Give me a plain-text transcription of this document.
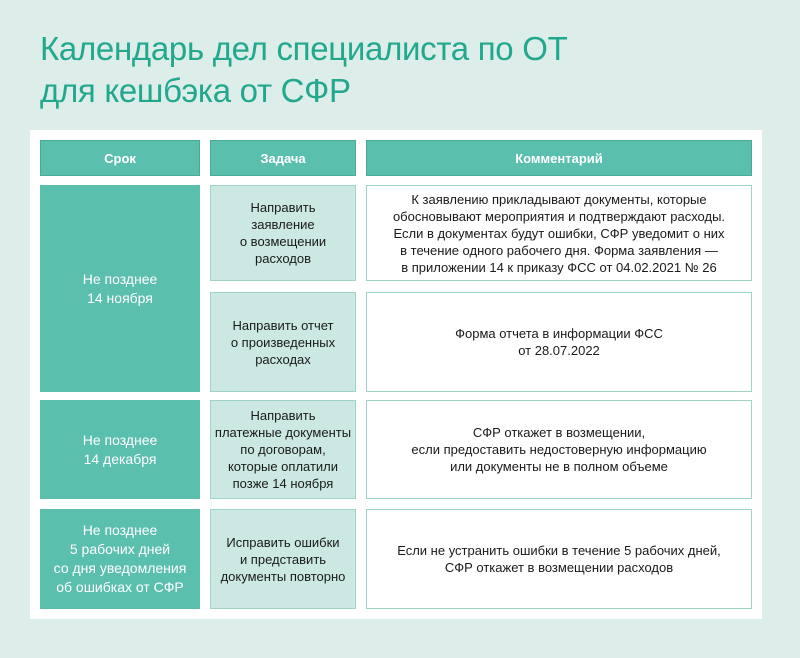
Календарь дел специалиста по ОТ
для кешбэка от СФР
Срок	Задача	Комментарий
Не позднее
14 ноября
Направить
заявление
о возмещении
расходов
К заявлению прикладывают документы, которые
обосновывают мероприятия и подтверждают расходы.
Если в документах будут ошибки, СФР уведомит о них
в течение одного рабочего дня. Форма заявления —
в приложении 14 к приказу ФСС от 04.02.2021 № 26
Направить отчет
о произведенных
расходах
Форма отчета в информации ФСС
от 28.07.2022
Не позднее
14 декабря
Направить
платежные документы
по договорам,
которые оплатили
позже 14 ноября
СФР откажет в возмещении,
если предоставить недостоверную информацию
или документы не в полном объеме
Не позднее
5 рабочих дней
со дня уведомления
об ошибках от СФР
Исправить ошибки
и представить
документы повторно
Если не устранить ошибки в течение 5 рабочих дней,
СФР откажет в возмещении расходов
